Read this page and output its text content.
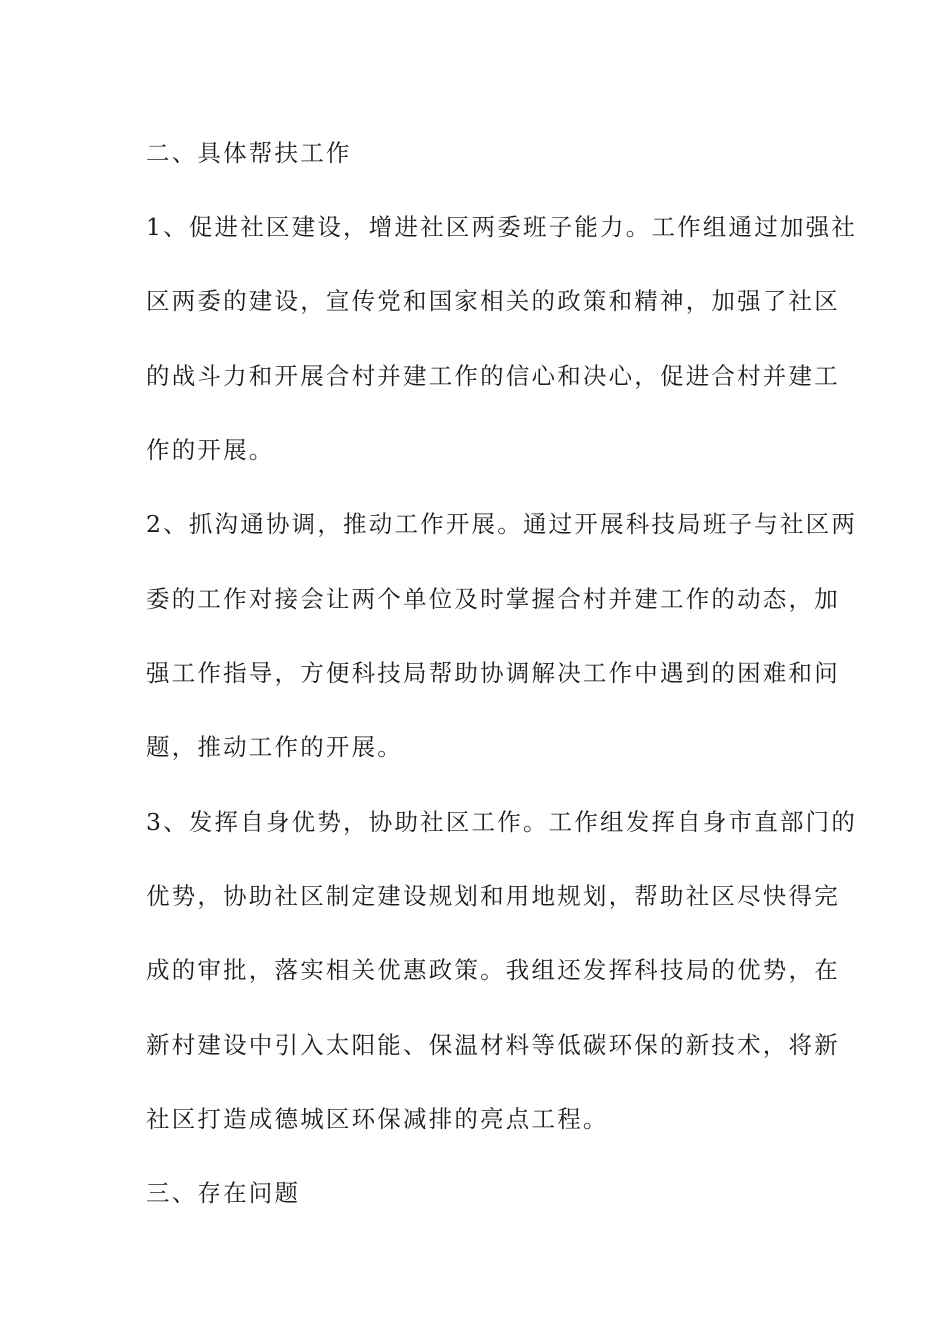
二、具体帮扶工作
1、促进社区建设，增进社区两委班子能力。工作组通过加强社
区两委的建设，宣传党和国家相关的政策和精神，加强了社区
的战斗力和开展合村并建工作的信心和决心，促进合村并建工
作的开展。
2、抓沟通协调，推动工作开展。通过开展科技局班子与社区两
委的工作对接会让两个单位及时掌握合村并建工作的动态，加
强工作指导，方便科技局帮助协调解决工作中遇到的困难和问
题，推动工作的开展。
3、发挥自身优势，协助社区工作。工作组发挥自身市直部门的
优势，协助社区制定建设规划和用地规划，帮助社区尽快得完
成的审批，落实相关优惠政策。我组还发挥科技局的优势，在
新村建设中引入太阳能、保温材料等低碳环保的新技术，将新
社区打造成德城区环保减排的亮点工程。
三、存在问题
